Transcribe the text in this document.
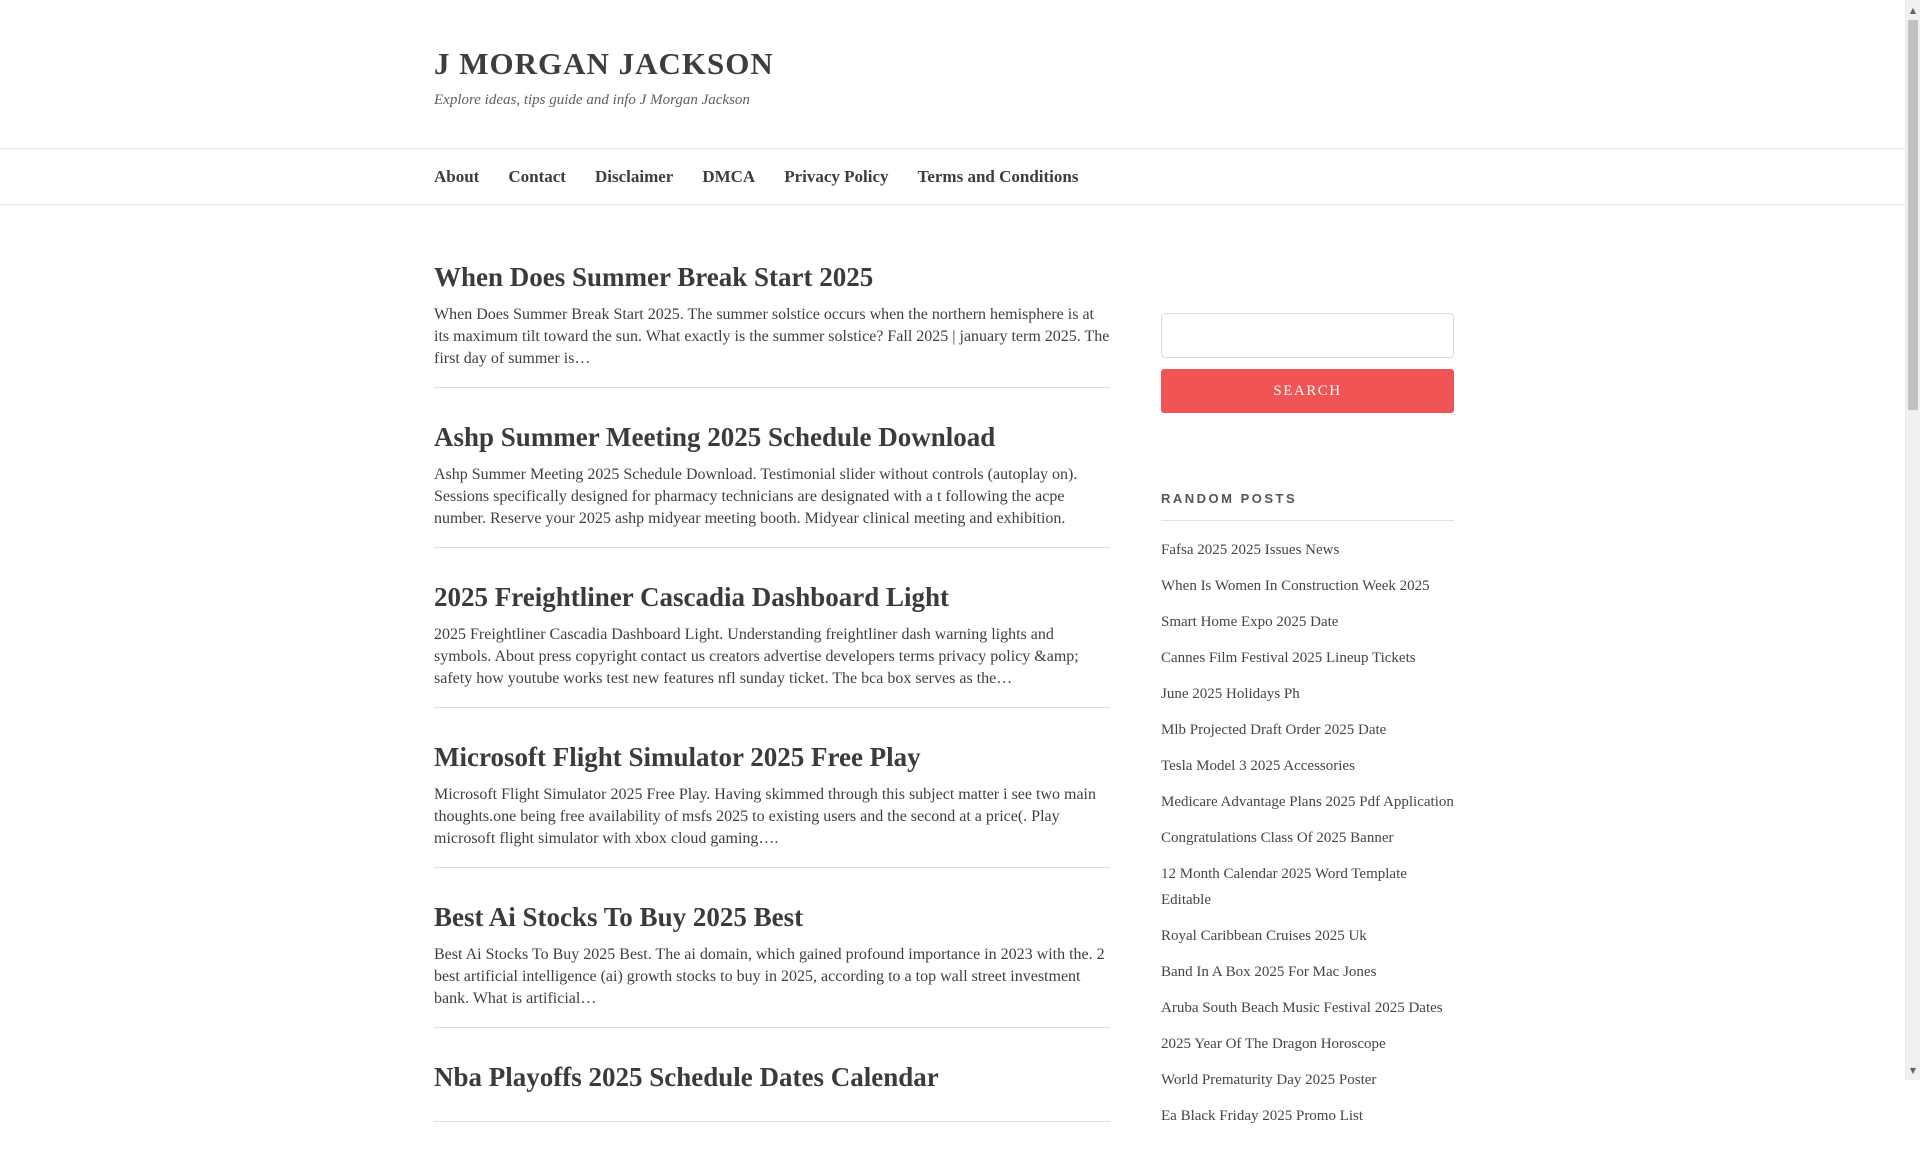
J MORGAN JACKSON

Explore ideas, tips guide and info J Morgan Jackson

About Contact Disclaimer DMCA Privacy Policy Terms and Conditions
When Does Summer Break Start 2025

When Does Summer Break Start 2025. The summer solstice occurs when the northern hemisphere is at its maximum tilt toward the sun. What exactly is the summer solstice? Fall 2025 | january term 2025. The first day of summer is…

Ashp Summer Meeting 2025 Schedule Download

Ashp Summer Meeting 2025 Schedule Download. Testimonial slider without controls (autoplay on). Sessions specifically designed for pharmacy technicians are designated with a t following the acpe number. Reserve your 2025 ashp midyear meeting booth. Midyear clinical meeting and exhibition.

2025 Freightliner Cascadia Dashboard Light

2025 Freightliner Cascadia Dashboard Light. Understanding freightliner dash warning lights and symbols. About press copyright contact us creators advertise developers terms privacy policy &amp; safety how youtube works test new features nfl sunday ticket. The bca box serves as the…

Microsoft Flight Simulator 2025 Free Play

Microsoft Flight Simulator 2025 Free Play. Having skimmed through this subject matter i see two main thoughts.one being free availability of msfs 2025 to existing users and the second at a price(. Play microsoft flight simulator with xbox cloud gaming….

Best Ai Stocks To Buy 2025 Best

Best Ai Stocks To Buy 2025 Best. The ai domain, which gained profound importance in 2023 with the. 2 best artificial intelligence (ai) growth stocks to buy in 2025, according to a top wall street investment bank. What is artificial…

Nba Playoffs 2025 Schedule Dates Calendar

SEARCH
RANDOM POSTS
Fafsa 2025 2025 Issues News
When Is Women In Construction Week 2025
Smart Home Expo 2025 Date
Cannes Film Festival 2025 Lineup Tickets
June 2025 Holidays Ph
Mlb Projected Draft Order 2025 Date
Tesla Model 3 2025 Accessories
Medicare Advantage Plans 2025 Pdf Application
Congratulations Class Of 2025 Banner
12 Month Calendar 2025 Word Template Editable
Royal Caribbean Cruises 2025 Uk
Band In A Box 2025 For Mac Jones
Aruba South Beach Music Festival 2025 Dates
2025 Year Of The Dragon Horoscope
World Prematurity Day 2025 Poster
Ea Black Friday 2025 Promo List
▲
▼
